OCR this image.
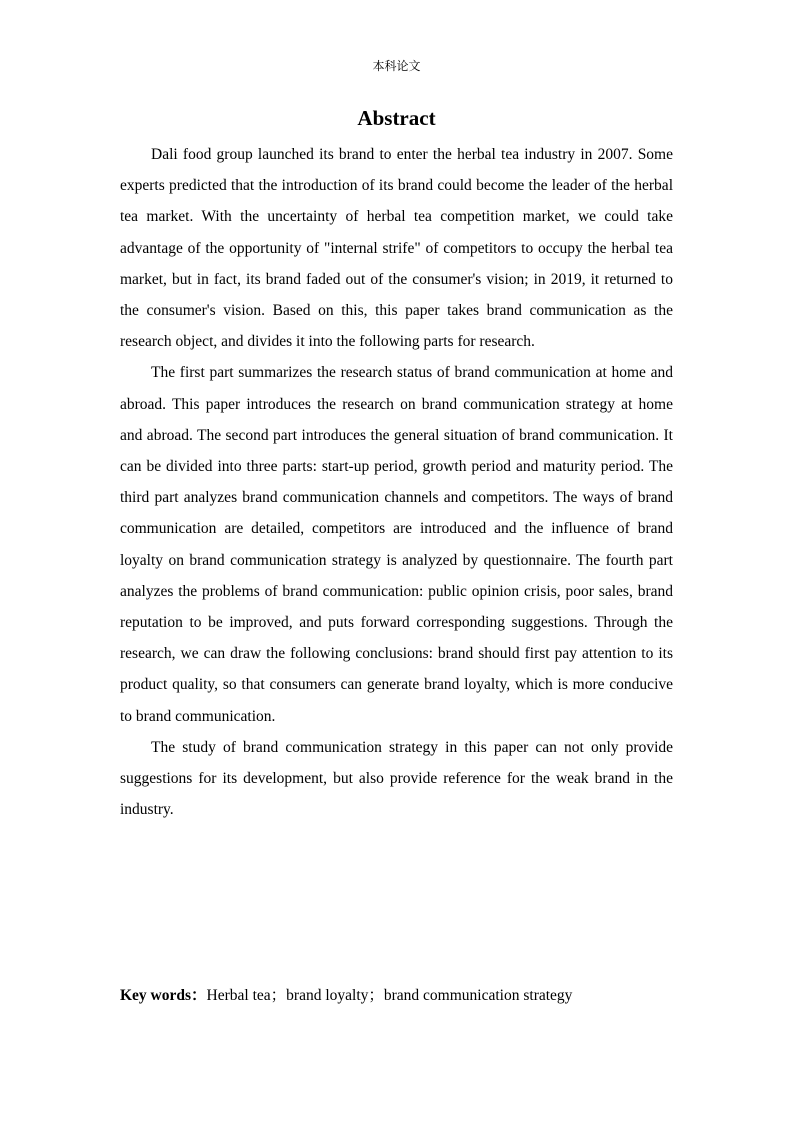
本科论文
Abstract

Dali food group launched its brand to enter the herbal tea industry in 2007. Some experts predicted that the introduction of its brand could become the leader of the herbal tea market. With the uncertainty of herbal tea competition market, we could take advantage of the opportunity of "internal strife" of competitors to occupy the herbal tea market, but in fact, its brand faded out of the consumer's vision; in 2019, it returned to the consumer's vision. Based on this, this paper takes brand communication as the research object, and divides it into the following parts for research.

The first part summarizes the research status of brand communication at home and abroad. This paper introduces the research on brand communication strategy at home and abroad. The second part introduces the general situation of brand communication. It can be divided into three parts: start-up period, growth period and maturity period. The third part analyzes brand communication channels and competitors. The ways of brand communication are detailed, competitors are introduced and the influence of brand loyalty on brand communication strategy is analyzed by questionnaire. The fourth part analyzes the problems of brand communication: public opinion crisis, poor sales, brand reputation to be improved, and puts forward corresponding suggestions. Through the research, we can draw the following conclusions: brand should first pay attention to its product quality, so that consumers can generate brand loyalty, which is more conducive to brand communication.

The study of brand communication strategy in this paper can not only provide suggestions for its development, but also provide reference for the weak brand in the industry.

Key words：Herbal tea；brand loyalty；brand communication strategy
